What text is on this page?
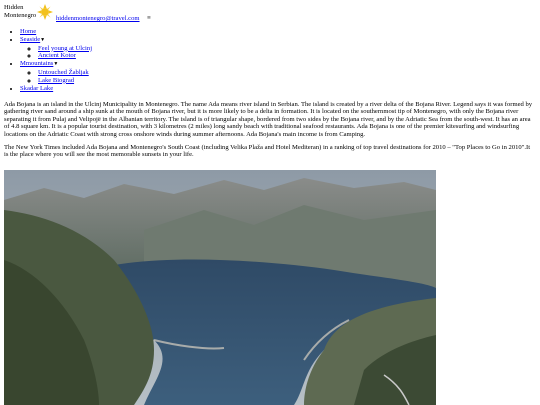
Hidden
Montenegro	hiddenmontenegro@travel.com ≡
• Home
• Seaside▼
◦ Feel young at Ulcinj
◦ Ancient Kotor
• Mmountains▼
◦ Untouched Žabljak
◦ Lake Biograd
• Skadar Lake

Ada Bojana is an island in the Ulcinj Municipality in Montenegro. The name Ada means river island in Serbian. The island is created by a river delta of the Bojana River. Legend says it was formed by gathering river sand around a ship sunk at the mouth of Bojana river, but it is more likely to be a delta in formation. It is located on the southernmost tip of Montenegro, with only the Bojana river separating it from Pulaj and Velipojë in the Albanian territory. The island is of triangular shape, bordered from two sides by the Bojana river, and by the Adriatic Sea from the south-west. It has an area of 4.8 square km. It is a popular tourist destination, with 3 kilometres (2 miles) long sandy beach with traditional seafood restaurants. Ada Bojana is one of the premier kitesurfing and windsurfing locations on the Adriatic Coast with strong cross onshore winds during summer afternoons. Ada Bojana's main income is from Camping.

The New York Times included Ada Bojana and Montenegro's South Coast (including Velika Plaža and Hotel Mediteran) in a ranking of top travel destinations for 2010 – "Top Places to Go in 2010".It is the place where you will see the most memorable sunsets in your life.
